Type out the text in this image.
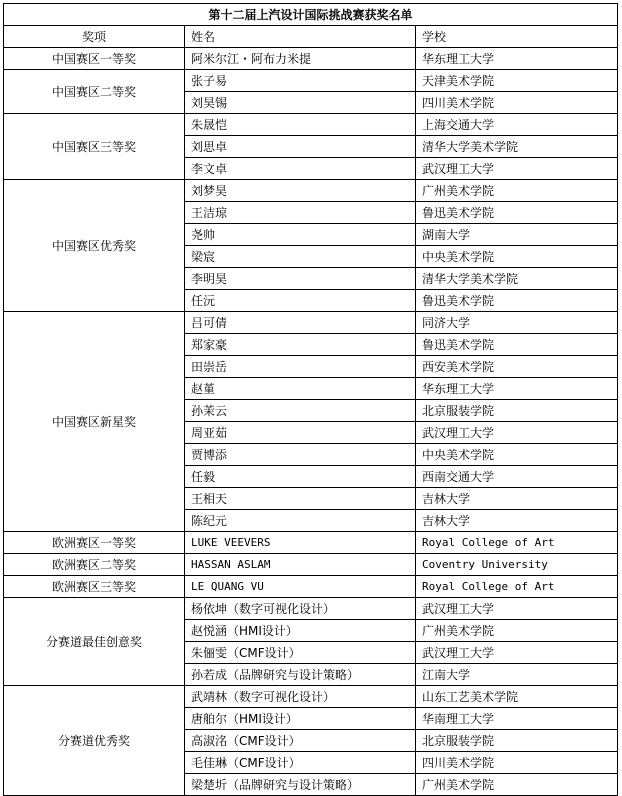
第十二届上汽设计国际挑战赛获奖名单		
奖项	姓名	学校
中国赛区一等奖	阿米尔江・阿布力米提	华东理工大学
中国赛区二等奖	张子易	天津美术学院
	刘昊锡	四川美术学院
中国赛区三等奖	朱晟恺	上海交通大学
	刘思卓	清华大学美术学院
	李文卓	武汉理工大学
中国赛区优秀奖	刘梦昊	广州美术学院
	王洁琼	鲁迅美术学院
	尧帅	湖南大学
	梁宸	中央美术学院
	李明昊	清华大学美术学院
	任沅	鲁迅美术学院
中国赛区新星奖	吕可倩	同济大学
	郑家豪	鲁迅美术学院
	田崇岳	西安美术学院
	赵堇	华东理工大学
	孙茉云	北京服装学院
	周亚茹	武汉理工大学
	贾博添	中央美术学院
	任毅	西南交通大学
	王相天	吉林大学
	陈纪元	吉林大学
欧洲赛区一等奖	LUKE VEEVERS	Royal College of Art
欧洲赛区二等奖	HASSAN ASLAM	Coventry University
欧洲赛区三等奖	LE QUANG VU	Royal College of Art
分赛道最佳创意奖	杨依坤（数字可视化设计）	武汉理工大学
	赵悦涵（HMI设计）	广州美术学院
	朱俪雯（CMF设计）	武汉理工大学
	孙若成（品牌研究与设计策略）	江南大学
分赛道优秀奖	武靖林（数字可视化设计）	山东工艺美术学院
	唐舶尔（HMI设计）	华南理工大学
	高淑洺（CMF设计）	北京服装学院
	毛佳琳（CMF设计）	四川美术学院
	梁楚圻（品牌研究与设计策略）	广州美术学院
